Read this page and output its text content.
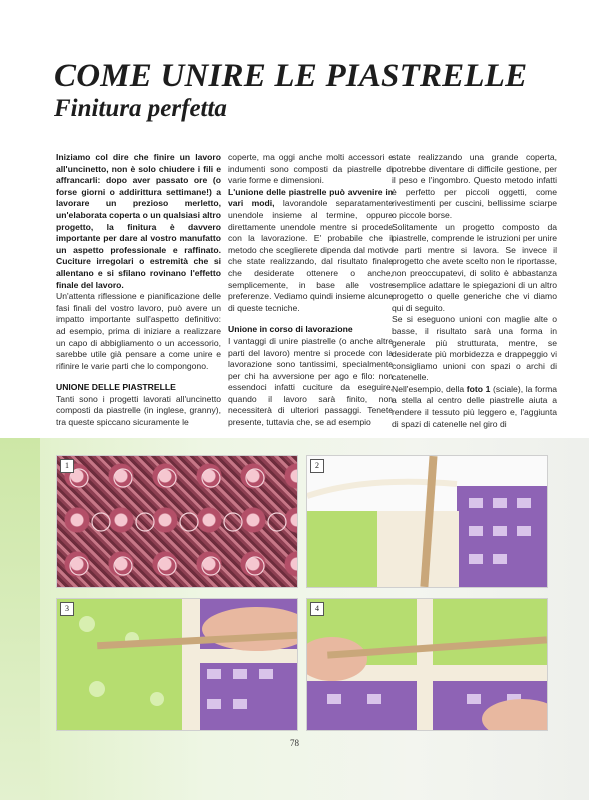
COME UNIRE LE PIASTRELLE
Finitura perfetta

Iniziamo col dire che finire un lavoro all'uncinetto, non è solo chiudere i fili e affrancarli: dopo aver passato ore (o forse giorni o addirittura settimane!) a lavorare un prezioso merletto, un'elaborata coperta o un qualsiasi altro progetto, la finitura è davvero importante per dare al vostro manufatto un aspetto professionale e raffinato. Cuciture irregolari o estremità che si allentano e si sfilano rovinano l'effetto finale del lavoro.

Un'attenta riflessione e pianificazione delle fasi finali del vostro lavoro, può avere un impatto importante sull'aspetto definitivo: ad esempio, prima di iniziare a realizzare un capo di abbigliamento o un accessorio, sarebbe utile già pensare a come unire e rifinire le varie parti che lo compongono.

UNIONE DELLE PIASTRELLE

Tanti sono i progetti lavorati all'uncinetto composti da piastrelle (in inglese, granny), tra queste spiccano sicuramente le

coperte, ma oggi anche molti accessori e indumenti sono composti da piastrelle di varie forme e dimensioni.

L'unione delle piastrelle può avvenire in vari modi, lavorandole separatamente unendole insieme al termine, oppure direttamente unendole mentre si procede con la lavorazione. E' probabile che il metodo che sceglierete dipenda dal motivo che state realizzando, dal risultato finale che desiderate ottenere o anche, semplicemente, in base alle vostre preferenze. Vediamo quindi insieme alcune di queste tecniche.

Unione in corso di lavorazione

I vantaggi di unire piastrelle (o anche altre parti del lavoro) mentre si procede con la lavorazione sono tantissimi, specialmente per chi ha avversione per ago e filo: non essendoci infatti cuciture da eseguire, quando il lavoro sarà finito, non necessiterà di ulteriori passaggi. Tenete presente, tuttavia che, se ad esempio

state realizzando una grande coperta, potrebbe diventare di difficile gestione, per il peso e l'ingombro. Questo metodo infatti è perfetto per piccoli oggetti, come rivestimenti per cuscini, bellissime sciarpe o piccole borse.

Solitamente un progetto composto da piastrelle, comprende le istruzioni per unire le parti mentre si lavora. Se invece il progetto che avete scelto non le riportasse, non preoccupatevi, di solito è abbastanza semplice adattare le spiegazioni di un altro progetto o quelle generiche che vi diamo qui di seguito.

Se si eseguono unioni con maglie alte o basse, il risultato sarà una forma in generale più strutturata, mentre, se desiderate più morbidezza e drappeggio vi consigliamo unioni con spazi o archi di catenelle.

Nell'esempio, della foto 1 (sciale), la forma a stella al centro delle piastrelle aiuta a rendere il tessuto più leggero e, l'aggiunta di spazi di catenelle nel giro di

1	2
3	4
78
